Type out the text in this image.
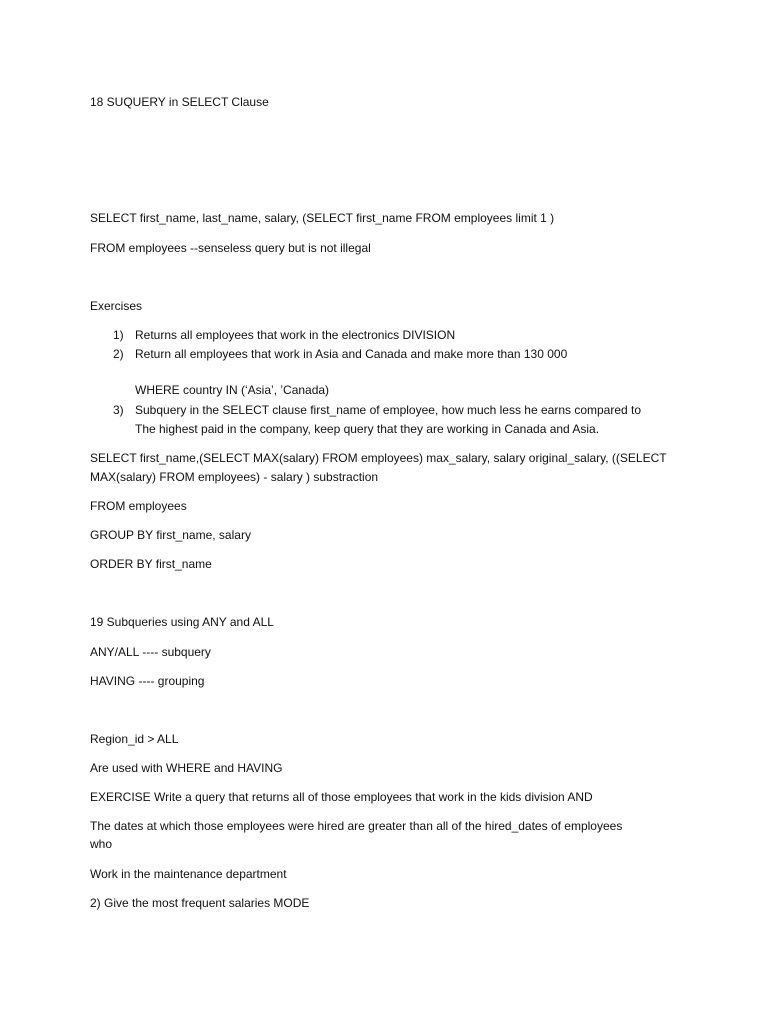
18 SUQUERY in SELECT Clause
SELECT first_name, last_name, salary, (SELECT first_name FROM employees limit 1 )
FROM employees --senseless query but is not illegal
Exercises
1) Returns all employees that work in the electronics DIVISION
2) Return all employees that work in Asia and Canada and make more than 130 000
WHERE country IN (‘Asia’, ’Canada)
3) Subquery in the SELECT clause first_name of employee, how much less he earns compared to
The highest paid in the company, keep query that they are working in Canada and Asia.
SELECT first_name,(SELECT MAX(salary) FROM employees) max_salary, salary original_salary, ((SELECT
MAX(salary) FROM employees) - salary ) substraction
FROM employees
GROUP BY first_name, salary
ORDER BY first_name
19 Subqueries using ANY and ALL
ANY/ALL ---- subquery
HAVING ---- grouping
Region_id > ALL
Are used with WHERE and HAVING
EXERCISE Write a query that returns all of those employees that work in the kids division AND
The dates at which those employees were hired are greater than all of the hired_dates of employees
who
Work in the maintenance department
2) Give the most frequent salaries MODE
